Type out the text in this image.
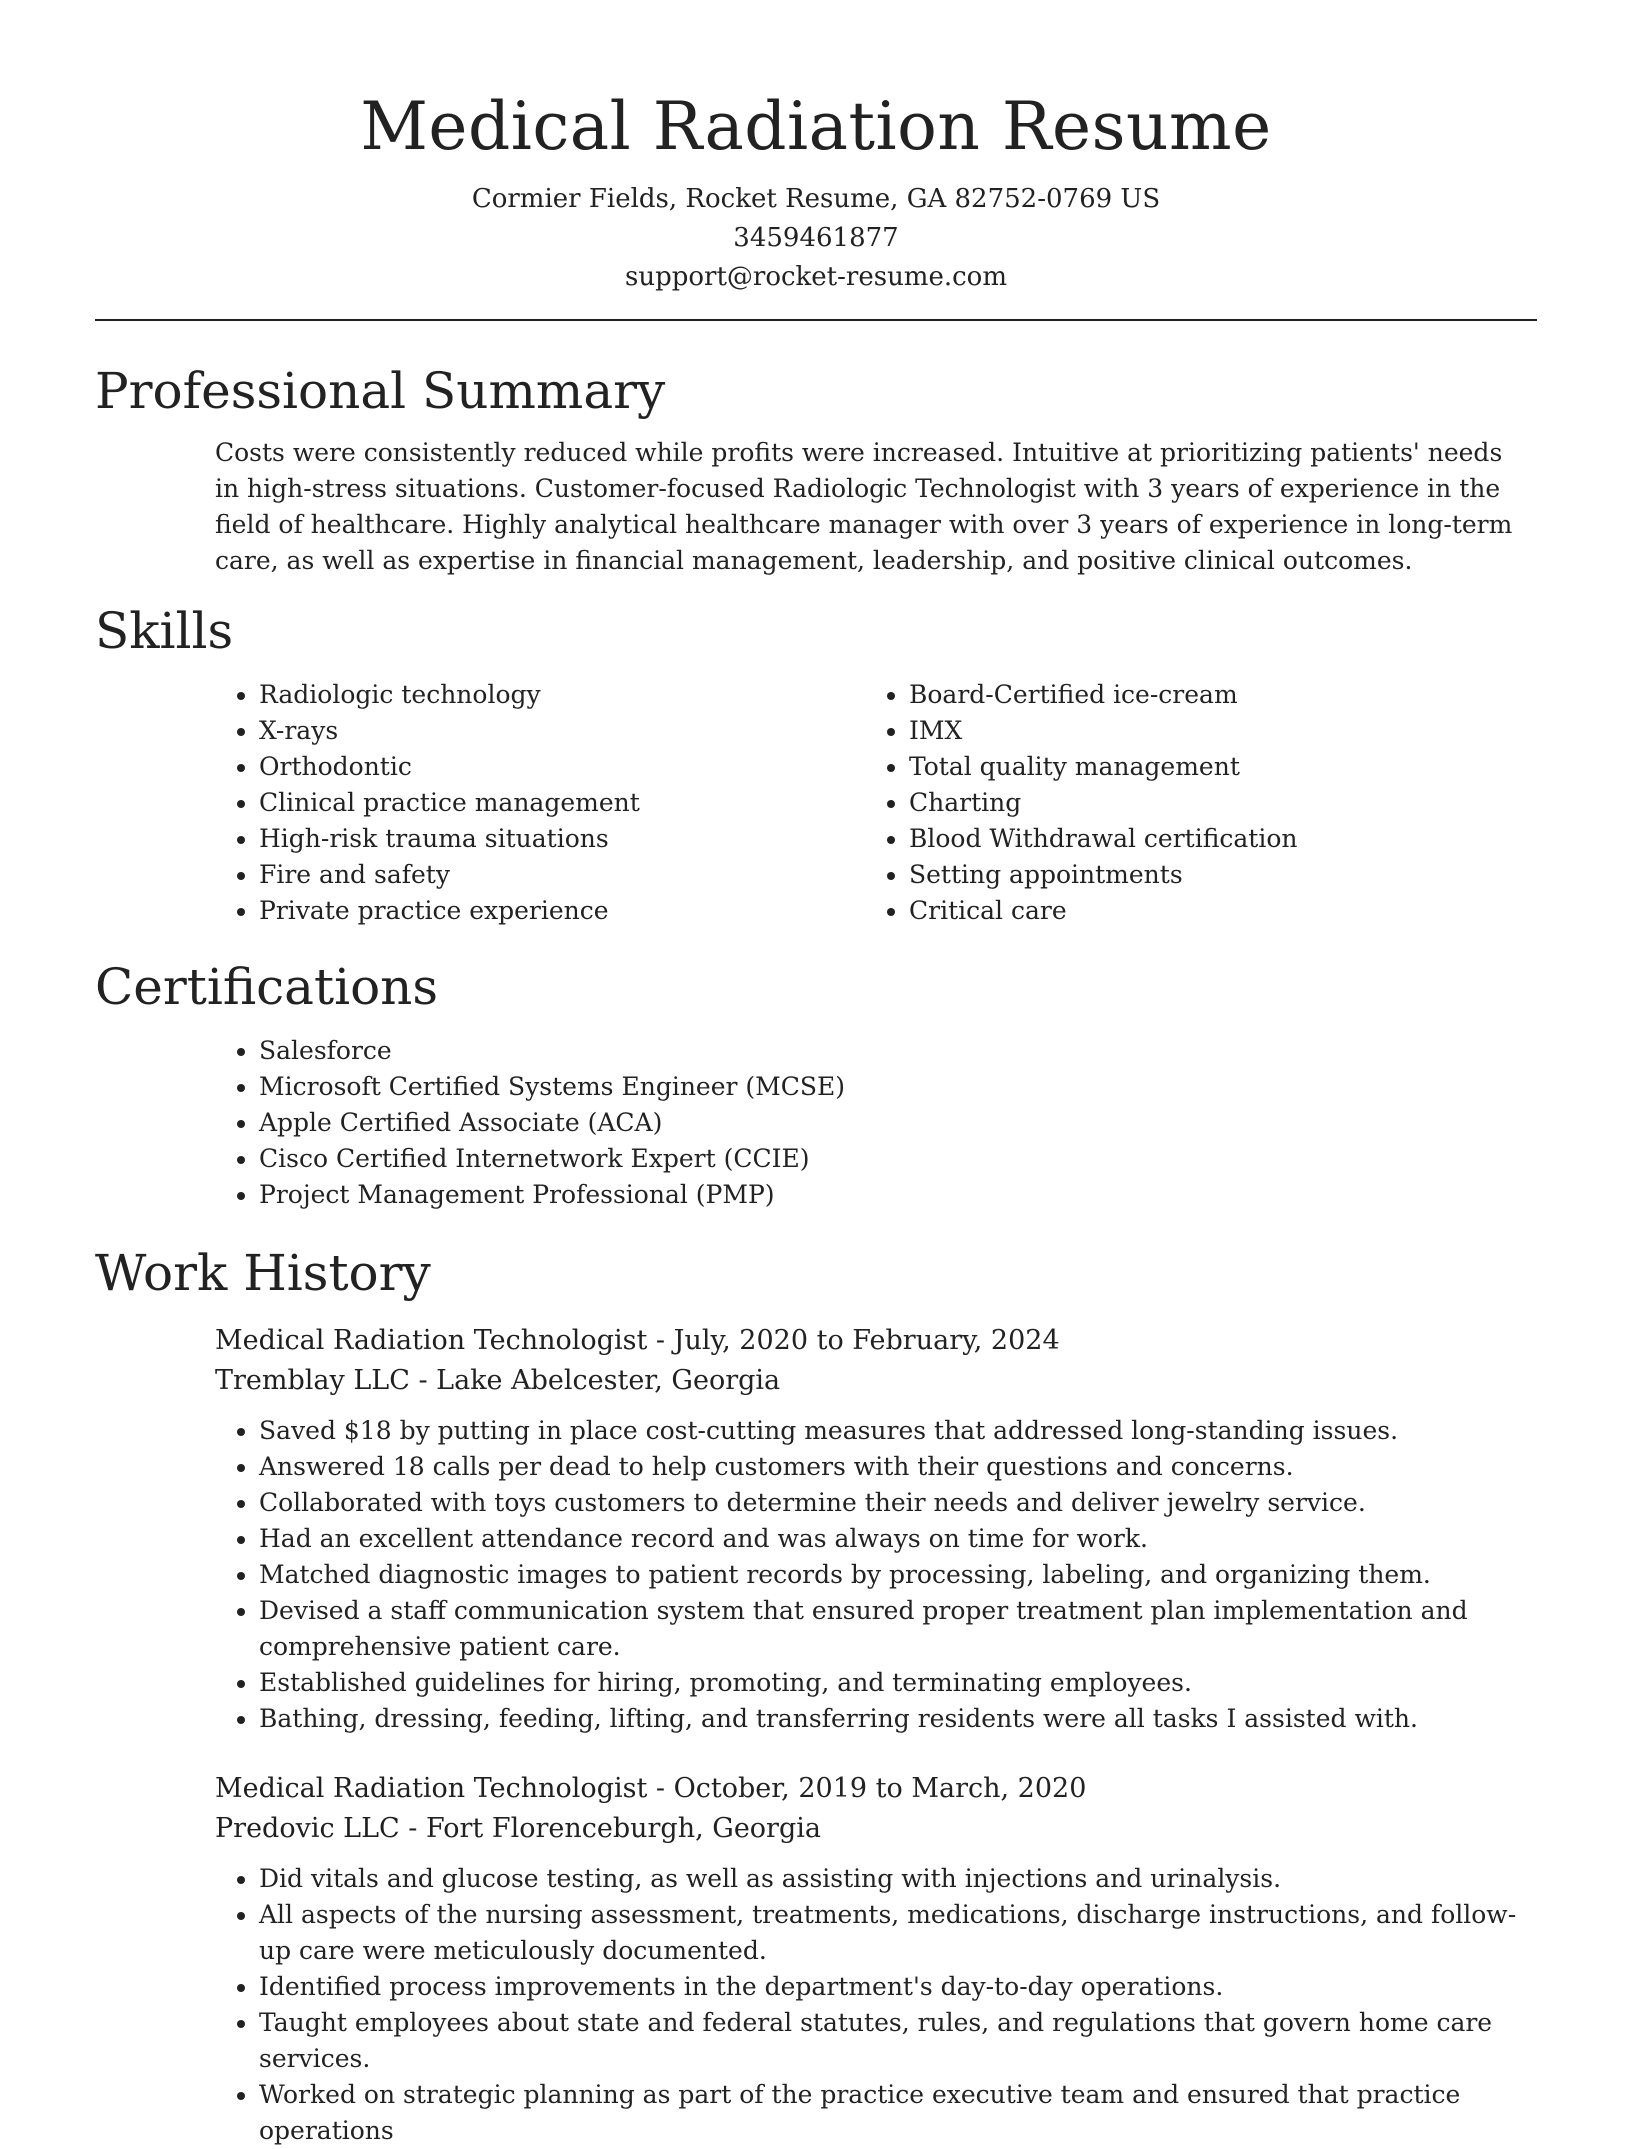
Medical Radiation Resume
Cormier Fields, Rocket Resume, GA 82752-0769 US
3459461877
support@rocket-resume.com
Professional Summary

Costs were consistently reduced while profits were increased. Intuitive at prioritizing patients' needs in high-stress situations. Customer-focused Radiologic Technologist with 3 years of experience in the field of healthcare. Highly analytical healthcare manager with over 3 years of experience in long-term care, as well as expertise in financial management, leadership, and positive clinical outcomes.

Skills
• Radiologic technology
• X-rays
• Orthodontic
• Clinical practice management
• High-risk trauma situations
• Fire and safety
• Private practice experience
• Board-Certified ice-cream
• IMX
• Total quality management
• Charting
• Blood Withdrawal certification
• Setting appointments
• Critical care
Certifications
• Salesforce
• Microsoft Certified Systems Engineer (MCSE)
• Apple Certified Associate (ACA)
• Cisco Certified Internetwork Expert (CCIE)
• Project Management Professional (PMP)
Work History
Medical Radiation Technologist - July, 2020 to February, 2024
Tremblay LLC - Lake Abelcester, Georgia
• Saved $18 by putting in place cost-cutting measures that addressed long-standing issues.
• Answered 18 calls per dead to help customers with their questions and concerns.
• Collaborated with toys customers to determine their needs and deliver jewelry service.
• Had an excellent attendance record and was always on time for work.
• Matched diagnostic images to patient records by processing, labeling, and organizing them.
• Devised a staff communication system that ensured proper treatment plan implementation and comprehensive patient care.
• Established guidelines for hiring, promoting, and terminating employees.
• Bathing, dressing, feeding, lifting, and transferring residents were all tasks I assisted with.
Medical Radiation Technologist - October, 2019 to March, 2020
Predovic LLC - Fort Florenceburgh, Georgia
• Did vitals and glucose testing, as well as assisting with injections and urinalysis.
• All aspects of the nursing assessment, treatments, medications, discharge instructions, and follow-up care were meticulously documented.
• Identified process improvements in the department's day-to-day operations.
• Taught employees about state and federal statutes, rules, and regulations that govern home care services.
• Worked on strategic planning as part of the practice executive team and ensured that practice operations
